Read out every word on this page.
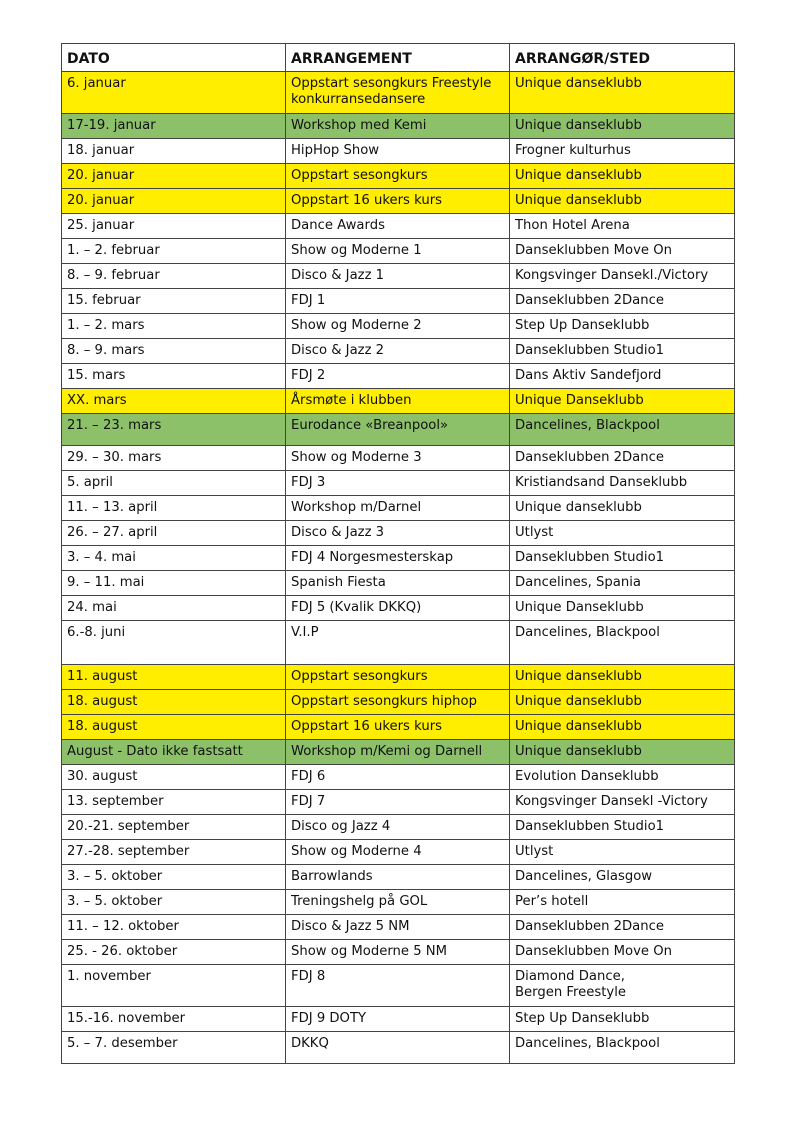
DATO	ARRANGEMENT	ARRANGØR/STED
6. januar	Oppstart sesongkurs Freestyle konkurransedansere	Unique danseklubb
17-19. januar	Workshop med Kemi	Unique danseklubb
18. januar	HipHop Show	Frogner kulturhus
20. januar	Oppstart sesongkurs	Unique danseklubb
20. januar	Oppstart 16 ukers kurs	Unique danseklubb
25. januar	Dance Awards	Thon Hotel Arena
1. – 2. februar	Show og Moderne 1	Danseklubben Move On
8. – 9. februar	Disco & Jazz 1	Kongsvinger Dansekl./Victory
15. februar	FDJ 1	Danseklubben 2Dance
1. – 2. mars	Show og Moderne 2	Step Up Danseklubb
8. – 9. mars	Disco & Jazz 2	Danseklubben Studio1
15. mars	FDJ 2	Dans Aktiv Sandefjord
XX. mars	Årsmøte i klubben	Unique Danseklubb
21. – 23. mars	Eurodance «Breanpool»	Dancelines, Blackpool
29. – 30. mars	Show og Moderne 3	Danseklubben 2Dance
5. april	FDJ 3	Kristiandsand Danseklubb
11. – 13. april	Workshop m/Darnel	Unique danseklubb
26. – 27. april	Disco & Jazz 3	Utlyst
3. – 4. mai	FDJ 4 Norgesmesterskap	Danseklubben Studio1
9. – 11. mai	Spanish Fiesta	Dancelines, Spania
24. mai	FDJ 5 (Kvalik DKKQ)	Unique Danseklubb
6.-8. juni	V.I.P	Dancelines, Blackpool
11. august	Oppstart sesongkurs	Unique danseklubb
18. august	Oppstart sesongkurs hiphop	Unique danseklubb
18. august	Oppstart 16 ukers kurs	Unique danseklubb
August - Dato ikke fastsatt	Workshop m/Kemi og Darnell	Unique danseklubb
30. august	FDJ 6	Evolution Danseklubb
13. september	FDJ 7	Kongsvinger Dansekl -Victory
20.-21. september	Disco og Jazz 4	Danseklubben Studio1
27.-28. september	Show og Moderne 4	Utlyst
3. – 5. oktober	Barrowlands	Dancelines, Glasgow
3. – 5. oktober	Treningshelg på GOL	Per’s hotell
11. – 12. oktober	Disco & Jazz 5 NM	Danseklubben 2Dance
25. - 26. oktober	Show og Moderne 5 NM	Danseklubben Move On
1. november	FDJ 8	Diamond Dance,
Bergen Freestyle
15.-16. november	FDJ 9 DOTY	Step Up Danseklubb
5. – 7. desember	DKKQ	Dancelines, Blackpool
